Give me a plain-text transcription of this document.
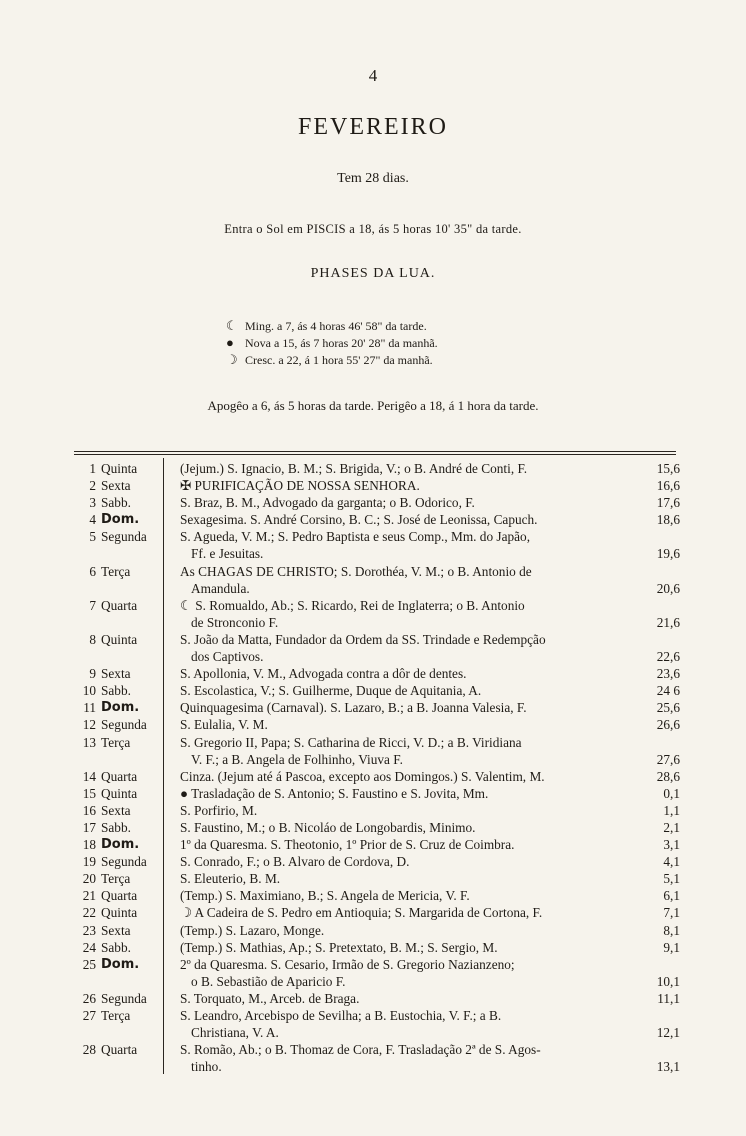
4
FEVEREIRO
Tem 28 dias.
Entra o Sol em PISCIS a 18, ás 5 horas 10' 35" da tarde.
PHASES DA LUA.
☾ Ming. a 7, ás 4 horas 46' 58" da tarde.
● Nova a 15, ás 7 horas 20' 28" da manhã.
☽ Cresc. a 22, á 1 hora 55' 27" da manhã.
Apogêo a 6, ás 5 horas da tarde. Perigêo a 18, á 1 hora da tarde.
1 Quinta	(Jejum.) S. Ignacio, B. M.; S. Brigida, V.; o B. André de Conti, F.	15,6
2 Sexta	✠ PURIFICAÇÃO DE NOSSA SENHORA.	16,6
3 Sabb.	S. Braz, B. M., Advogado da garganta; o B. Odorico, F.	17,6
4 Dom.	Sexagesima. S. André Corsino, B. C.; S. José de Leonissa, Capuch.	18,6
5 Segunda	S. Agueda, V. M.; S. Pedro Baptista e seus Comp., Mm. do Japão,
Ff. e Jesuitas.	19,6
6 Terça	As CHAGAS DE CHRISTO; S. Dorothéa, V. M.; o B. Antonio de
Amandula.	20,6
7 Quarta	☾ S. Romualdo, Ab.; S. Ricardo, Rei de Inglaterra; o B. Antonio
de Stronconio F.	21,6
8 Quinta	S. João da Matta, Fundador da Ordem da SS. Trindade e Redempção
dos Captivos.	22,6
9 Sexta	S. Apollonia, V. M., Advogada contra a dôr de dentes.	23,6
10 Sabb.	S. Escolastica, V.; S. Guilherme, Duque de Aquitania, A.	24 6
11 Dom.	Quinquagesima (Carnaval). S. Lazaro, B.; a B. Joanna Valesia, F.	25,6
12 Segunda	S. Eulalia, V. M.	26,6
13 Terça	S. Gregorio II, Papa; S. Catharina de Ricci, V. D.; a B. Viridiana
V. F.; a B. Angela de Folhinho, Viuva F.	27,6
14 Quarta	Cinza. (Jejum até á Pascoa, excepto aos Domingos.) S. Valentim, M.	28,6
15 Quinta	● Trasladação de S. Antonio; S. Faustino e S. Jovita, Mm.	0,1
16 Sexta	S. Porfirio, M.	1,1
17 Sabb.	S. Faustino, M.; o B. Nicoláo de Longobardis, Minimo.	2,1
18 Dom.	1º da Quaresma. S. Theotonio, 1º Prior de S. Cruz de Coimbra.	3,1
19 Segunda	S. Conrado, F.; o B. Alvaro de Cordova, D.	4,1
20 Terça	S. Eleuterio, B. M.	5,1
21 Quarta	(Temp.) S. Maximiano, B.; S. Angela de Mericia, V. F.	6,1
22 Quinta	☽ A Cadeira de S. Pedro em Antioquia; S. Margarida de Cortona, F.	7,1
23 Sexta	(Temp.) S. Lazaro, Monge.	8,1
24 Sabb.	(Temp.) S. Mathias, Ap.; S. Pretextato, B. M.; S. Sergio, M.	9,1
25 Dom.	2º da Quaresma. S. Cesario, Irmão de S. Gregorio Nazianzeno;
o B. Sebastião de Aparicio F.	10,1
26 Segunda	S. Torquato, M., Arceb. de Braga.	11,1
27 Terça	S. Leandro, Arcebispo de Sevilha; a B. Eustochia, V. F.; a B.
Christiana, V. A.	12,1
28 Quarta	S. Romão, Ab.; o B. Thomaz de Cora, F. Trasladação 2ª de S. Agos-
tinho.	13,1
